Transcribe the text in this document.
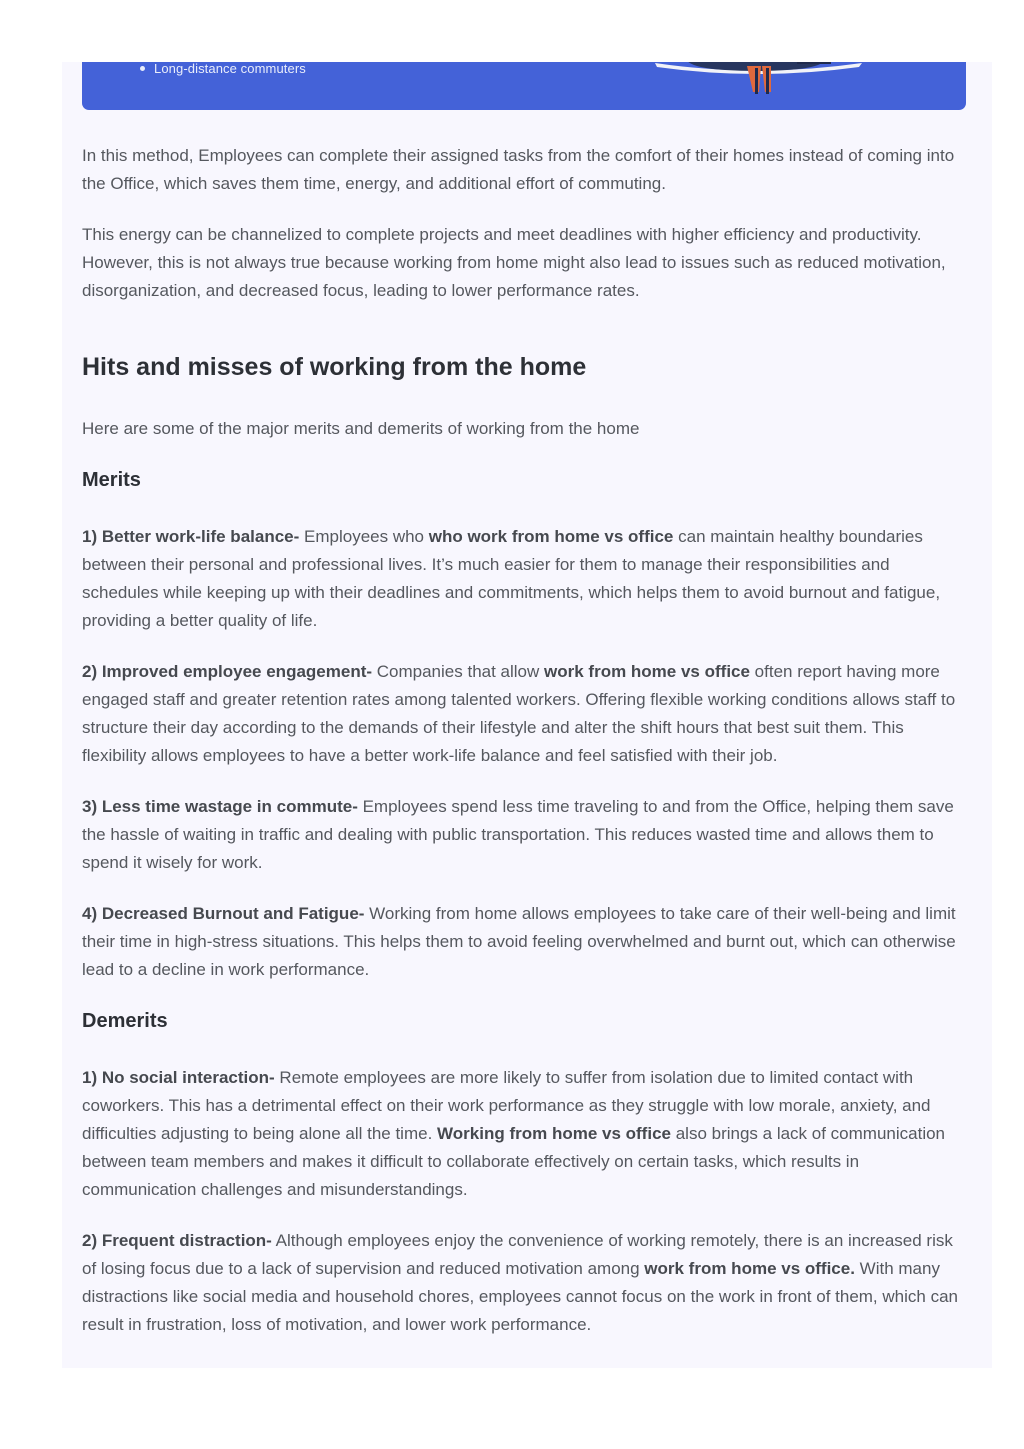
Long-distance commuters

In this method, Employees can complete their assigned tasks from the comfort of their homes instead of coming into the Office, which saves them time, energy, and additional effort of commuting.

This energy can be channelized to complete projects and meet deadlines with higher efficiency and productivity. However, this is not always true because working from home might also lead to issues such as reduced motivation, disorganization, and decreased focus, leading to lower performance rates.

Hits and misses of working from the home

Here are some of the major merits and demerits of working from the home

Merits

1) Better work-life balance- Employees who who work from home vs office can maintain healthy boundaries between their personal and professional lives. It’s much easier for them to manage their responsibilities and schedules while keeping up with their deadlines and commitments, which helps them to avoid burnout and fatigue, providing a better quality of life.

2) Improved employee engagement- Companies that allow work from home vs office often report having more engaged staff and greater retention rates among talented workers. Offering flexible working conditions allows staff to structure their day according to the demands of their lifestyle and alter the shift hours that best suit them. This flexibility allows employees to have a better work-life balance and feel satisfied with their job.

3) Less time wastage in commute- Employees spend less time traveling to and from the Office, helping them save the hassle of waiting in traffic and dealing with public transportation. This reduces wasted time and allows them to spend it wisely for work.

4) Decreased Burnout and Fatigue- Working from home allows employees to take care of their well-being and limit their time in high-stress situations. This helps them to avoid feeling overwhelmed and burnt out, which can otherwise lead to a decline in work performance.

Demerits

1) No social interaction- Remote employees are more likely to suffer from isolation due to limited contact with coworkers. This has a detrimental effect on their work performance as they struggle with low morale, anxiety, and difficulties adjusting to being alone all the time. Working from home vs office also brings a lack of communication between team members and makes it difficult to collaborate effectively on certain tasks, which results in communication challenges and misunderstandings.

2) Frequent distraction- Although employees enjoy the convenience of working remotely, there is an increased risk of losing focus due to a lack of supervision and reduced motivation among work from home vs office. With many distractions like social media and household chores, employees cannot focus on the work in front of them, which can result in frustration, loss of motivation, and lower work performance.
